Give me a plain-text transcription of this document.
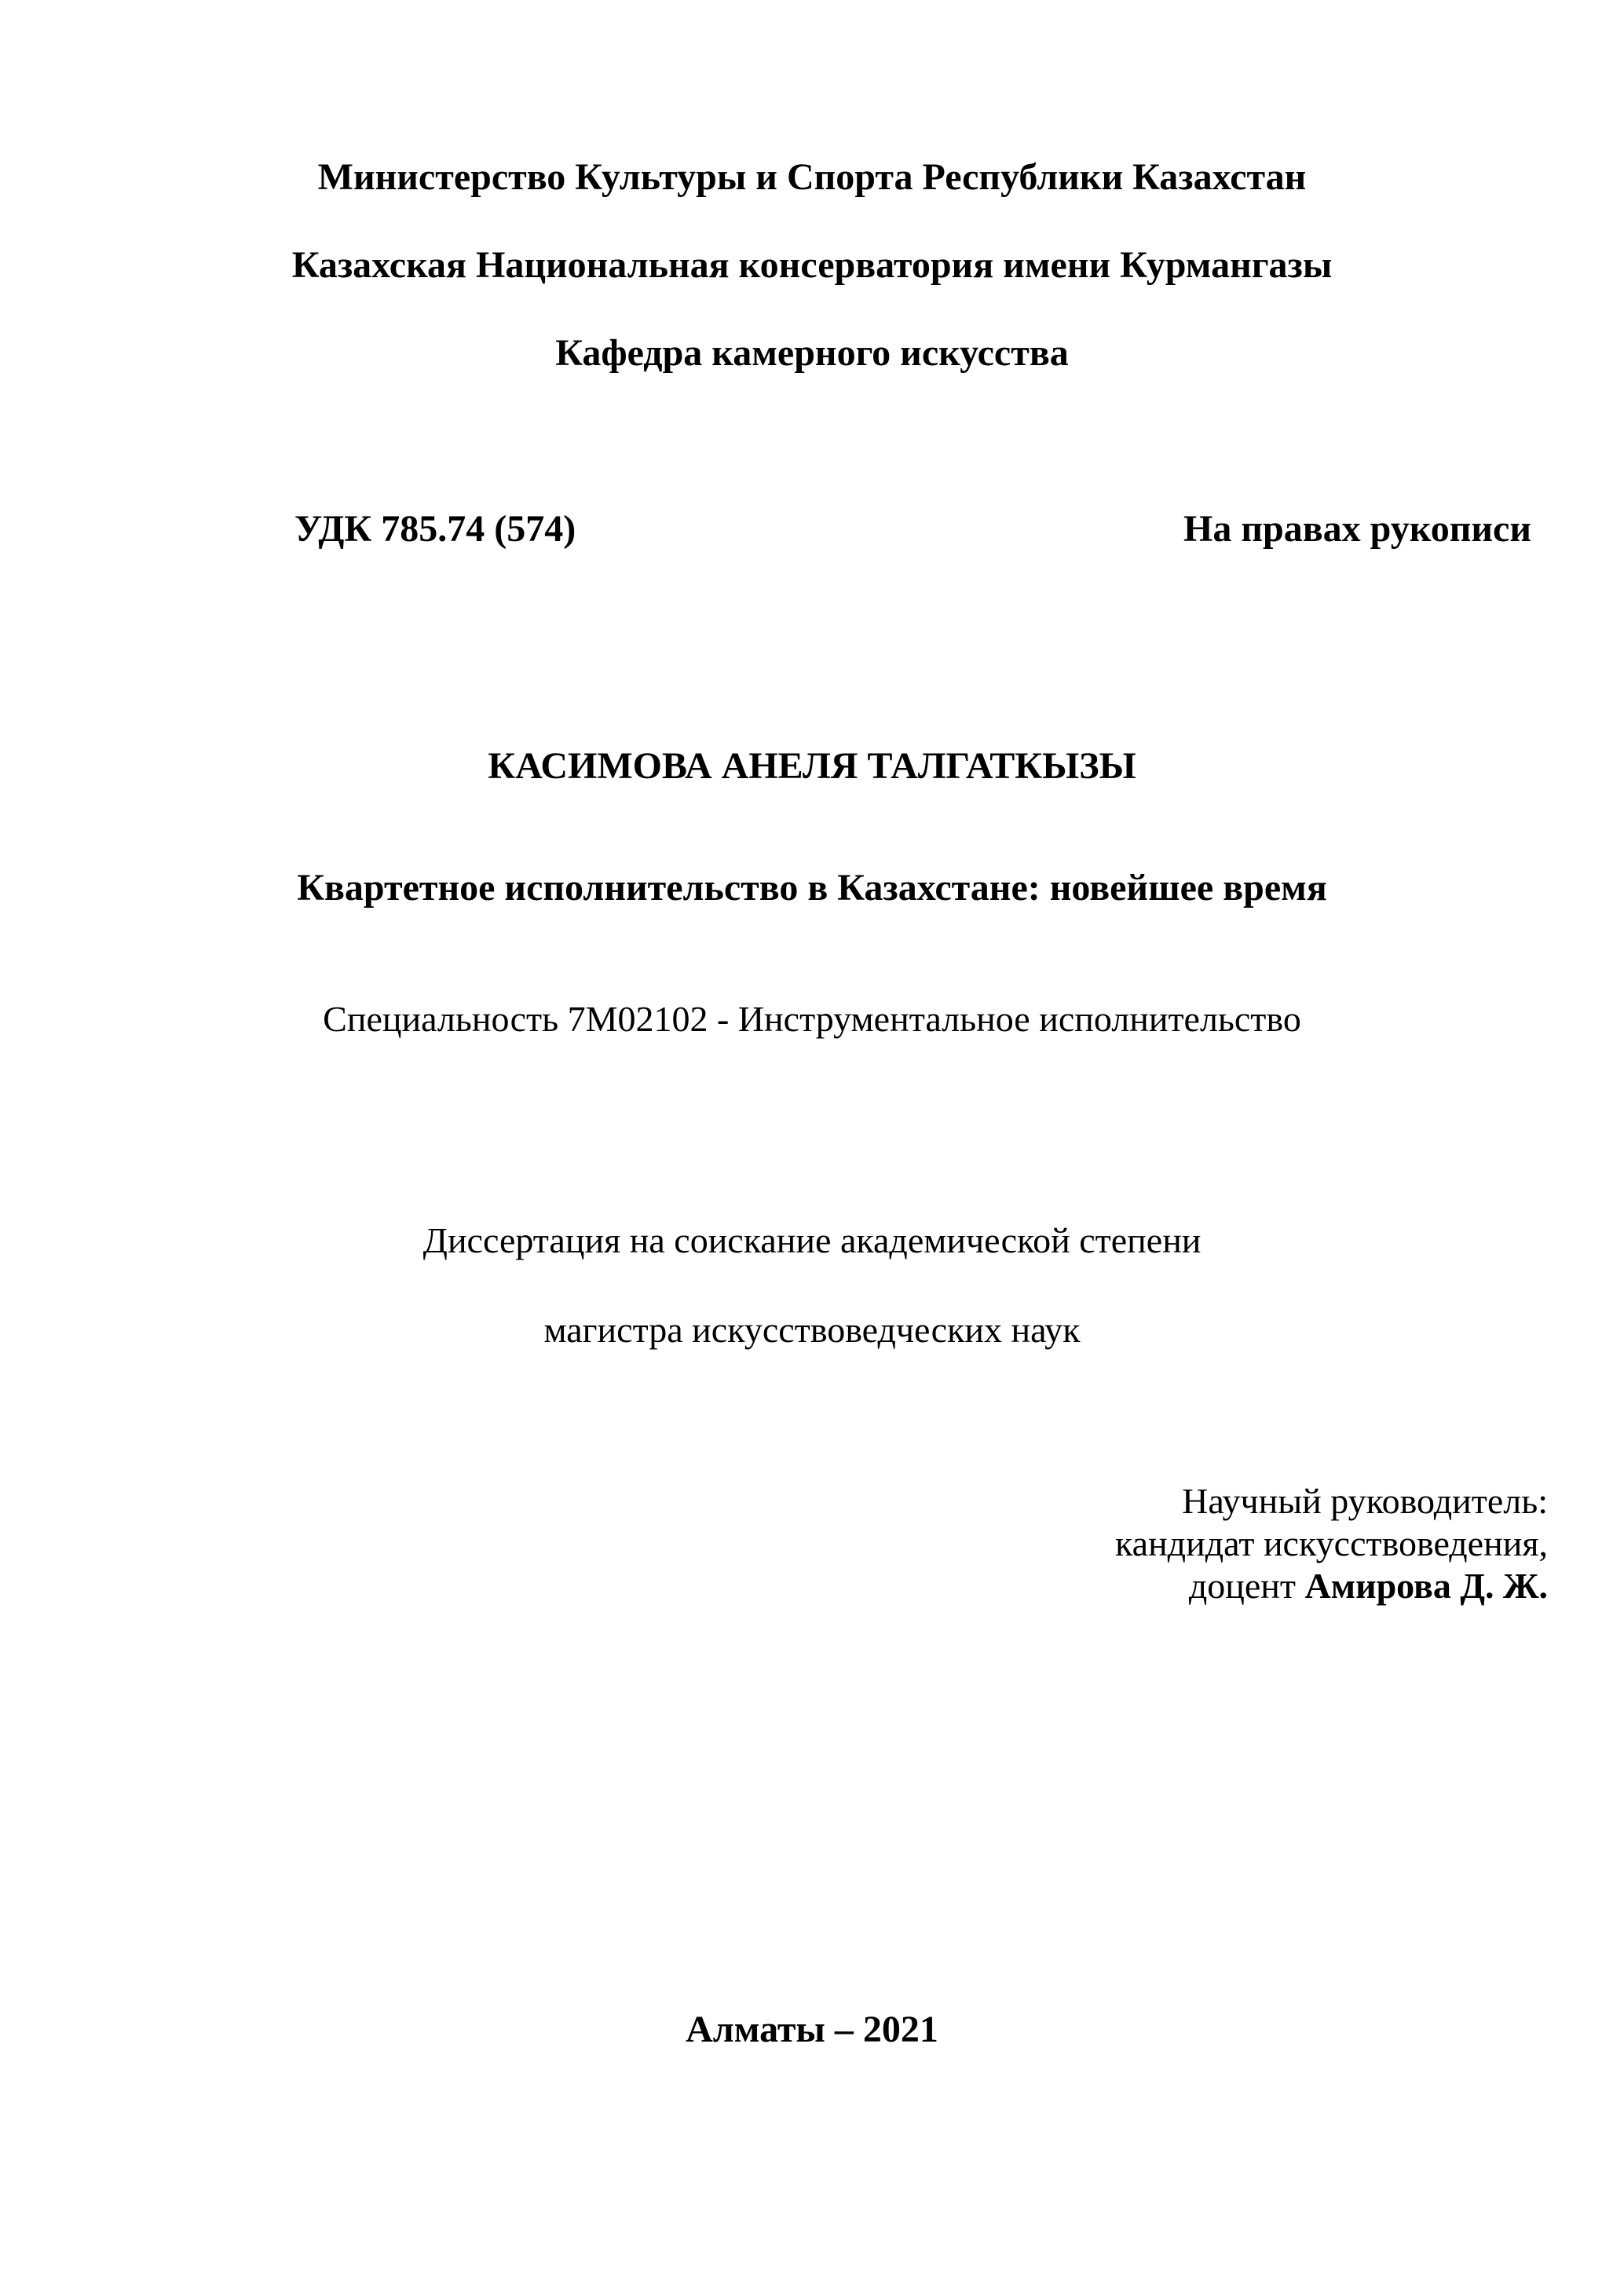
Министерство Культуры и Спорта Республики Казахстан
Казахская Национальная консерватория имени Курмангазы
Кафедра камерного искусства
УДК 785.74 (574)	На правах рукописи
КАСИМОВА АНЕЛЯ ТАЛГАТКЫЗЫ
Квартетное исполнительство в Казахстане: новейшее время
Специальность 7М02102 - Инструментальное исполнительство
Диссертация на соискание академической степени
магистра искусствоведческих наук
Научный руководитель:
кандидат искусствоведения,
доцент Амирова Д. Ж.
Алматы – 2021
